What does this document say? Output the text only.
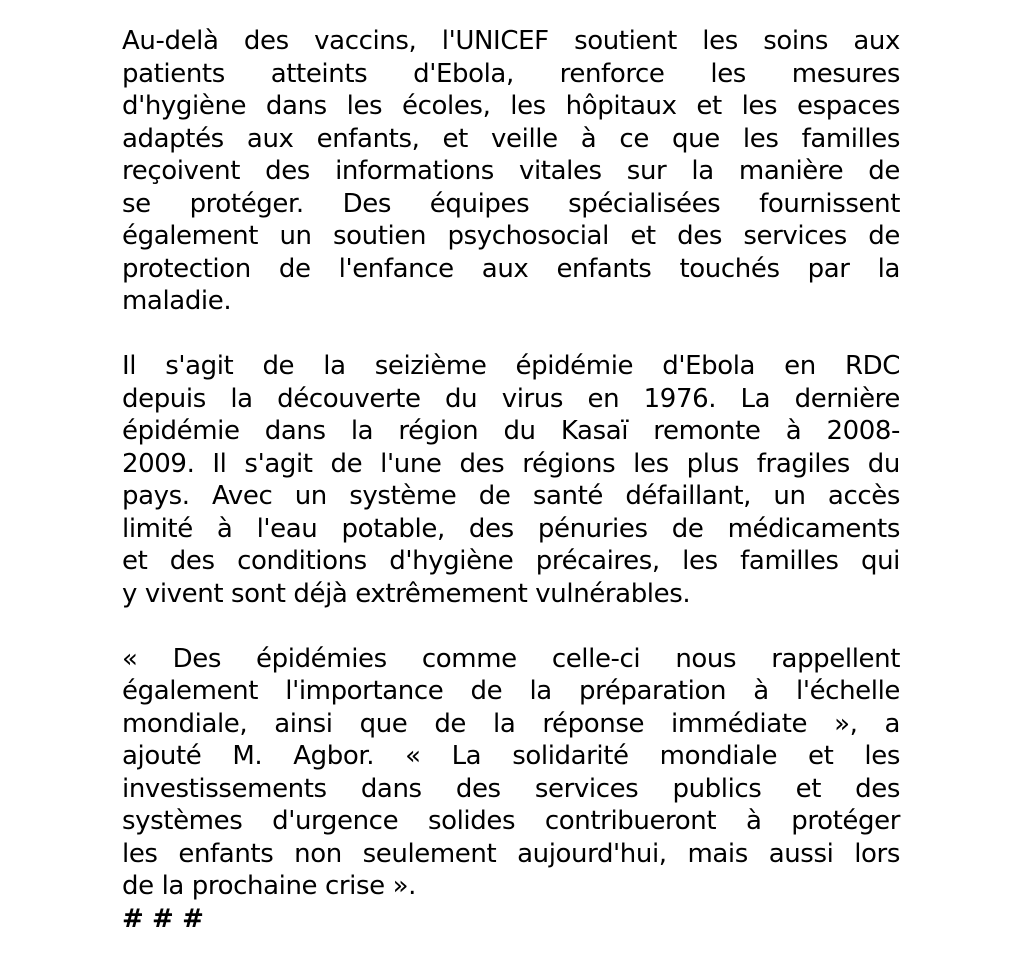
Au-delà des vaccins, l'UNICEF soutient les soins aux
patients atteints d'Ebola, renforce les mesures
d'hygiène dans les écoles, les hôpitaux et les espaces
adaptés aux enfants, et veille à ce que les familles
reçoivent des informations vitales sur la manière de
se protéger. Des équipes spécialisées fournissent
également un soutien psychosocial et des services de
protection de l'enfance aux enfants touchés par la
maladie.
Il s'agit de la seizième épidémie d'Ebola en RDC
depuis la découverte du virus en 1976. La dernière
épidémie dans la région du Kasaï remonte à 2008-
2009. Il s'agit de l'une des régions les plus fragiles du
pays. Avec un système de santé défaillant, un accès
limité à l'eau potable, des pénuries de médicaments
et des conditions d'hygiène précaires, les familles qui
y vivent sont déjà extrêmement vulnérables.
« Des épidémies comme celle-ci nous rappellent
également l'importance de la préparation à l'échelle
mondiale, ainsi que de la réponse immédiate », a
ajouté M. Agbor. « La solidarité mondiale et les
investissements dans des services publics et des
systèmes d'urgence solides contribueront à protéger
les enfants non seulement aujourd'hui, mais aussi lors
de la prochaine crise ».
# # #
